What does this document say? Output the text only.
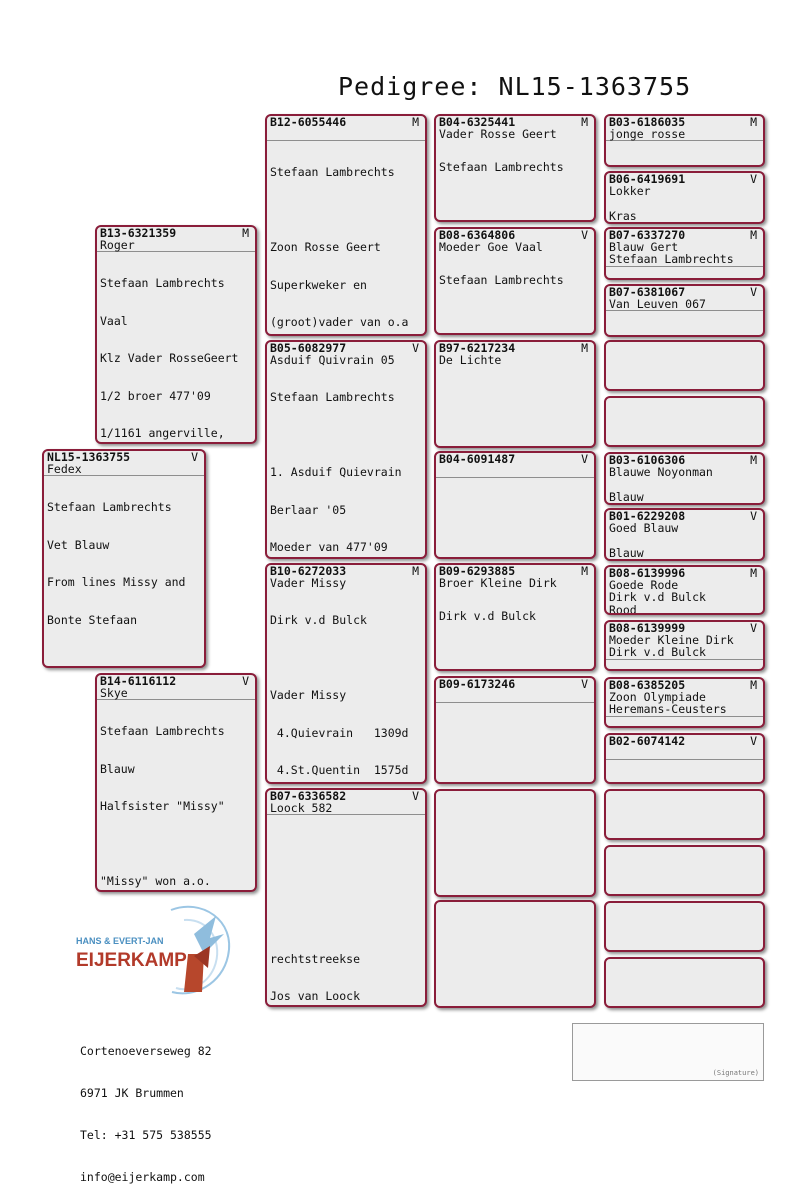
Pedigree: NL15-1363755
NL15-1363755	V
Fedex

Stefaan Lambrechts

Vet Blauw

From lines Missy and

Bonte Stefaan

B13-6321359	M
Roger

Stefaan Lambrechts

Vaal

Klz Vader RosseGeert

1/2 broer 477'09

1/1161 angerville,

B14-6116112	V
Skye

Stefaan Lambrechts

Blauw

Halfsister "Missy"

"Missy" won a.o.

B12-6055446	M

Stefaan Lambrechts

Zoon Rosse Geert

Superkweker en

(groot)vader van o.a

B05-6082977	V
Asduif Quivrain 05

Stefaan Lambrechts

1. Asduif Quievrain

Berlaar '05

Moeder van 477'09

B10-6272033	M
Vader Missy

Dirk v.d Bulck

Vader Missy

4.Quievrain   1309d

4.St.Quentin  1575d

B07-6336582	V
Loock 582

rechtstreekse

Jos van Loock

B04-6325441	M
Vader Rosse Geert

Stefaan Lambrechts

B08-6364806	V
Moeder Goe Vaal

Stefaan Lambrechts

B97-6217234	M
De Lichte

B04-6091487	V

B09-6293885	M
Broer Kleine Dirk

Dirk v.d Bulck

B09-6173246	V

B03-6186035	M
jonge rosse
B06-6419691	V
Lokker

Kras
B07-6337270	M
Blauw Gert
Stefaan Lambrechts
B07-6381067	V
Van Leuven 067
B03-6106306	M
Blauwe Noyonman

Blauw
B01-6229208	V
Goed Blauw

Blauw
B08-6139996	M
Goede Rode
Dirk v.d Bulck
Rood
B08-6139999	V
Moeder Kleine Dirk
Dirk v.d Bulck
B08-6385205	M
Zoon Olympiade
Heremans-Ceusters
B02-6074142	V

HANS & EVERT-JAN
EIJERKAMP

Cortenoeverseweg 82

6971 JK Brummen

Tel: +31 575 538555

info@eijerkamp.com

(Signature)
